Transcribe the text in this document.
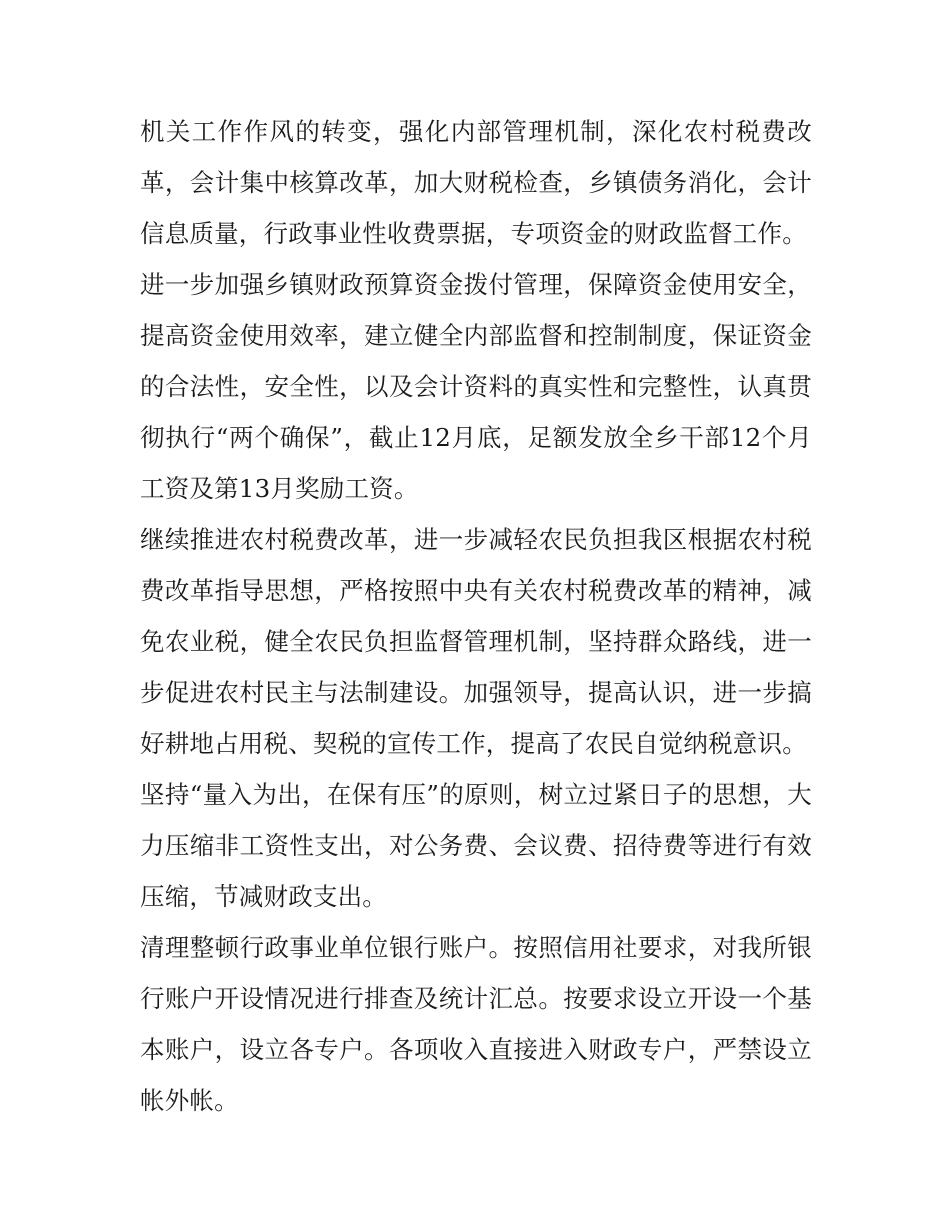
机关工作作风的转变，强化内部管理机制，深化农村税费改革，会计集中核算改革，加大财税检查，乡镇债务消化，会计信息质量，行政事业性收费票据，专项资金的财政监督工作。

进一步加强乡镇财政预算资金拨付管理，保障资金使用安全，提高资金使用效率，建立健全内部监督和控制制度，保证资金的合法性，安全性，以及会计资料的真实性和完整性，认真贯彻执行“两个确保”，截止12月底，足额发放全乡干部12个月工资及第13月奖励工资。

继续推进农村税费改革，进一步减轻农民负担我区根据农村税费改革指导思想，严格按照中央有关农村税费改革的精神，减免农业税，健全农民负担监督管理机制，坚持群众路线，进一步促进农村民主与法制建设。加强领导，提高认识，进一步搞好耕地占用税、契税的宣传工作，提高了农民自觉纳税意识。

坚持“量入为出，在保有压”的原则，树立过紧日子的思想，大力压缩非工资性支出，对公务费、会议费、招待费等进行有效压缩，节减财政支出。

清理整顿行政事业单位银行账户。按照信用社要求，对我所银行账户开设情况进行排查及统计汇总。按要求设立开设一个基本账户，设立各专户。各项收入直接进入财政专户，严禁设立帐外帐。
